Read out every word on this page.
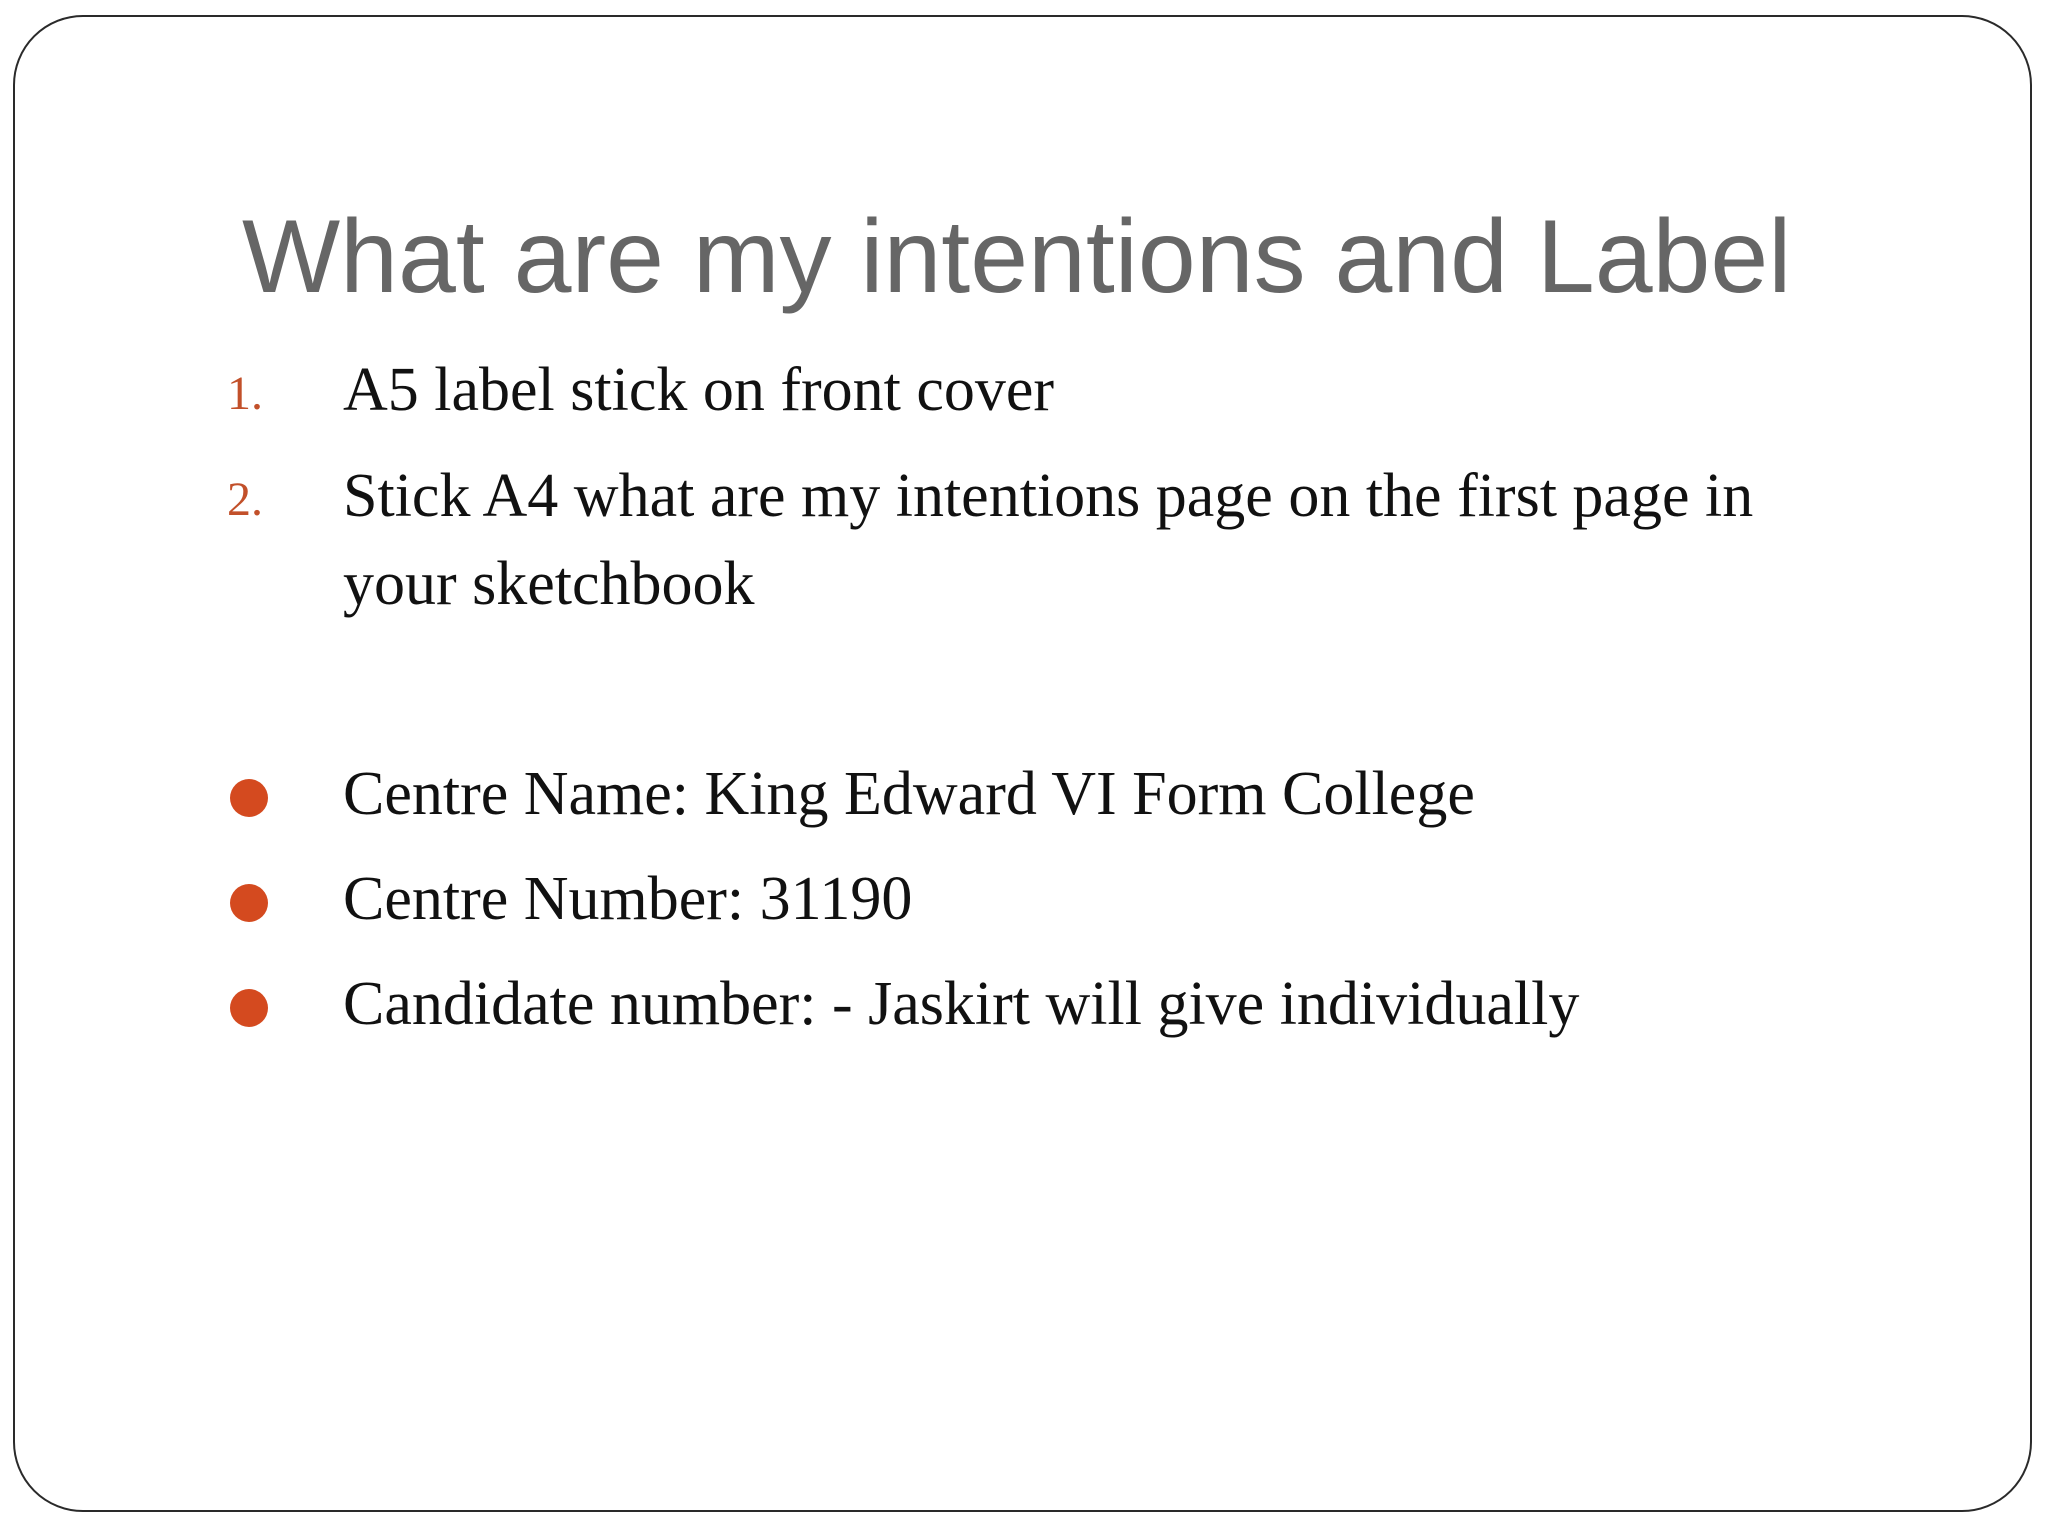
What are my intentions and Label
1. A5 label stick on front cover
2. Stick A4 what are my intentions page on the first page in your sketchbook
Centre Name: King Edward VI Form College
Centre Number: 31190
Candidate number: - Jaskirt will give individually
